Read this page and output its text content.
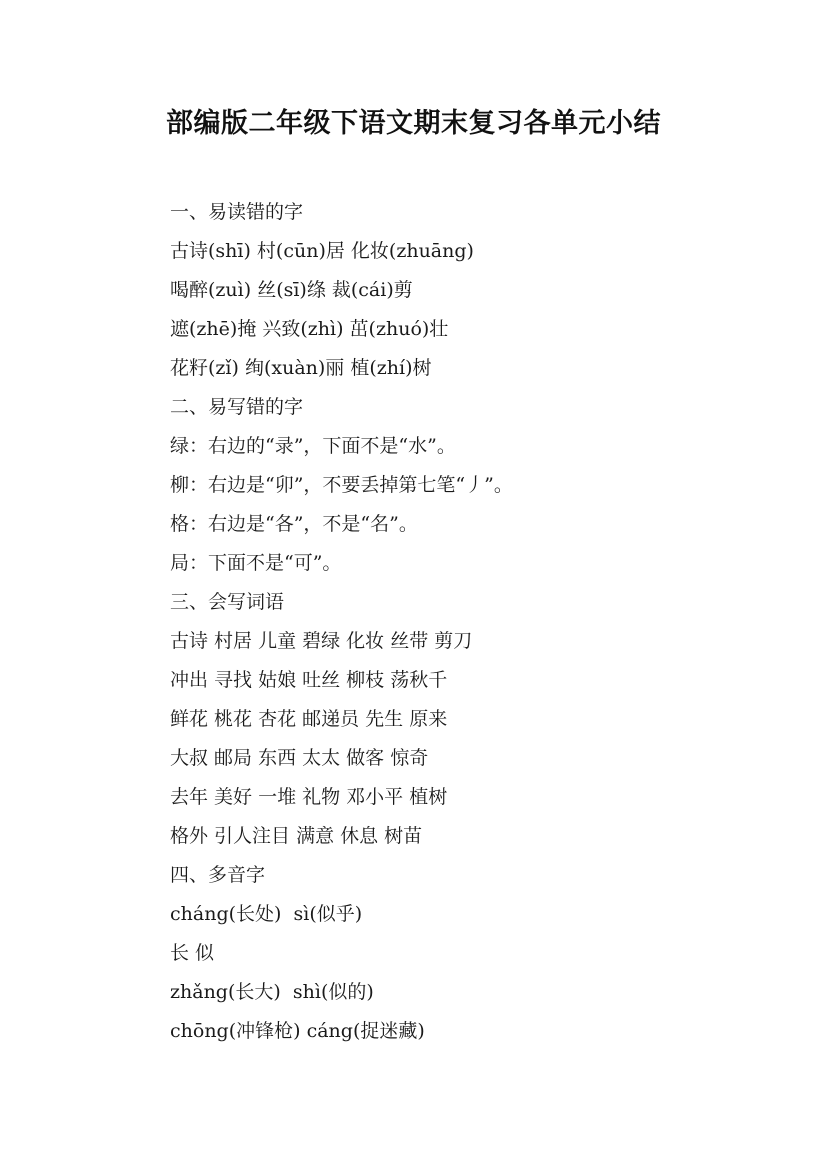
部编版二年级下语文期末复习各单元小结
一、易读错的字
古诗(shī) 村(cūn)居 化妆(zhuāng)
喝醉(zuì) 丝(sī)绦 裁(cái)剪
遮(zhē)掩 兴致(zhì) 茁(zhuó)壮
花籽(zǐ) 绚(xuàn)丽 植(zhí)树
二、易写错的字
绿：右边的“录”，下面不是“水”。
柳：右边是“卯”，不要丢掉第七笔“丿”。
格：右边是“各”，不是“名”。
局：下面不是“可”。
三、会写词语
古诗 村居 儿童 碧绿 化妆 丝带 剪刀
冲出 寻找 姑娘 吐丝 柳枝 荡秋千
鲜花 桃花 杏花 邮递员 先生 原来
大叔 邮局 东西 太太 做客 惊奇
去年 美好 一堆 礼物 邓小平 植树
格外 引人注目 满意 休息 树苗
四、多音字
cháng(长处)  sì(似乎)
长 似
zhǎng(长大)  shì(似的)
chōng(冲锋枪) cáng(捉迷藏)
